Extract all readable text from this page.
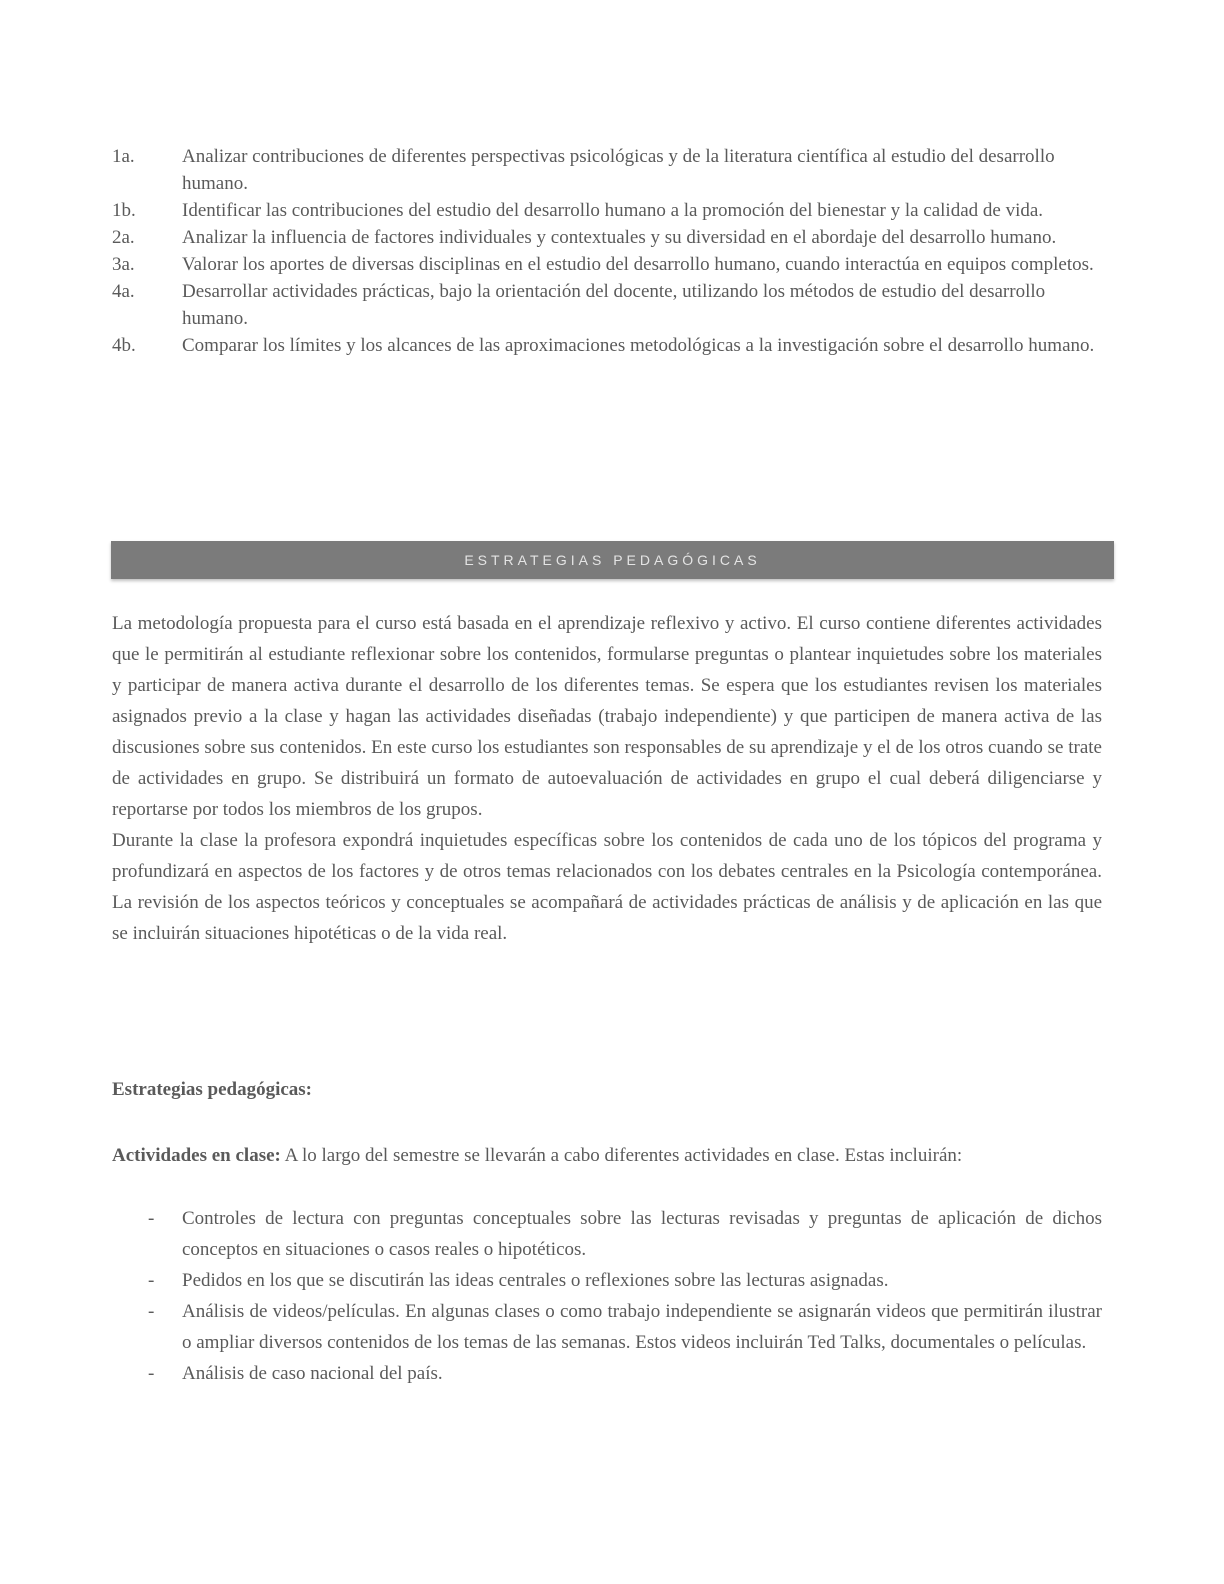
1a.	Analizar contribuciones de diferentes perspectivas psicológicas y de la literatura científica al estudio del desarrollo humano.
1b.	Identificar las contribuciones del estudio del desarrollo humano a la promoción del bienestar y la calidad de vida.
2a.	Analizar la influencia de factores individuales y contextuales y su diversidad en el abordaje del desarrollo humano.
3a.	Valorar los aportes de diversas disciplinas en el estudio del desarrollo humano, cuando interactúa en equipos completos.
4a.	Desarrollar actividades prácticas, bajo la orientación del docente, utilizando los métodos de estudio del desarrollo humano.
4b.	Comparar los límites y los alcances de las aproximaciones metodológicas a la investigación sobre el desarrollo humano.
ESTRATEGIAS PEDAGÓGICAS

La metodología propuesta para el curso está basada en el aprendizaje reflexivo y activo. El curso contiene diferentes actividades que le permitirán al estudiante reflexionar sobre los contenidos, formularse preguntas o plantear inquietudes sobre los materiales y participar de manera activa durante el desarrollo de los diferentes temas. Se espera que los estudiantes revisen los materiales asignados previo a la clase y hagan las actividades diseñadas (trabajo independiente) y que participen de manera activa de las discusiones sobre sus contenidos. En este curso los estudiantes son responsables de su aprendizaje y el de los otros cuando se trate de actividades en grupo. Se distribuirá un formato de autoevaluación de actividades en grupo el cual deberá diligenciarse y reportarse por todos los miembros de los grupos.

Durante la clase la profesora expondrá inquietudes específicas sobre los contenidos de cada uno de los tópicos del programa y profundizará en aspectos de los factores y de otros temas relacionados con los debates centrales en la Psicología contemporánea. La revisión de los aspectos teóricos y conceptuales se acompañará de actividades prácticas de análisis y de aplicación en las que se incluirán situaciones hipotéticas o de la vida real.

Estrategias pedagógicas:

Actividades en clase: A lo largo del semestre se llevarán a cabo diferentes actividades en clase. Estas incluirán:

-	Controles de lectura con preguntas conceptuales sobre las lecturas revisadas y preguntas de aplicación de dichos conceptos en situaciones o casos reales o hipotéticos.
-	Pedidos en los que se discutirán las ideas centrales o reflexiones sobre las lecturas asignadas.
-	Análisis de videos/películas. En algunas clases o como trabajo independiente se asignarán videos que permitirán ilustrar o ampliar diversos contenidos de los temas de las semanas. Estos videos incluirán Ted Talks, documentales o películas.
-	Análisis de caso nacional del país.
